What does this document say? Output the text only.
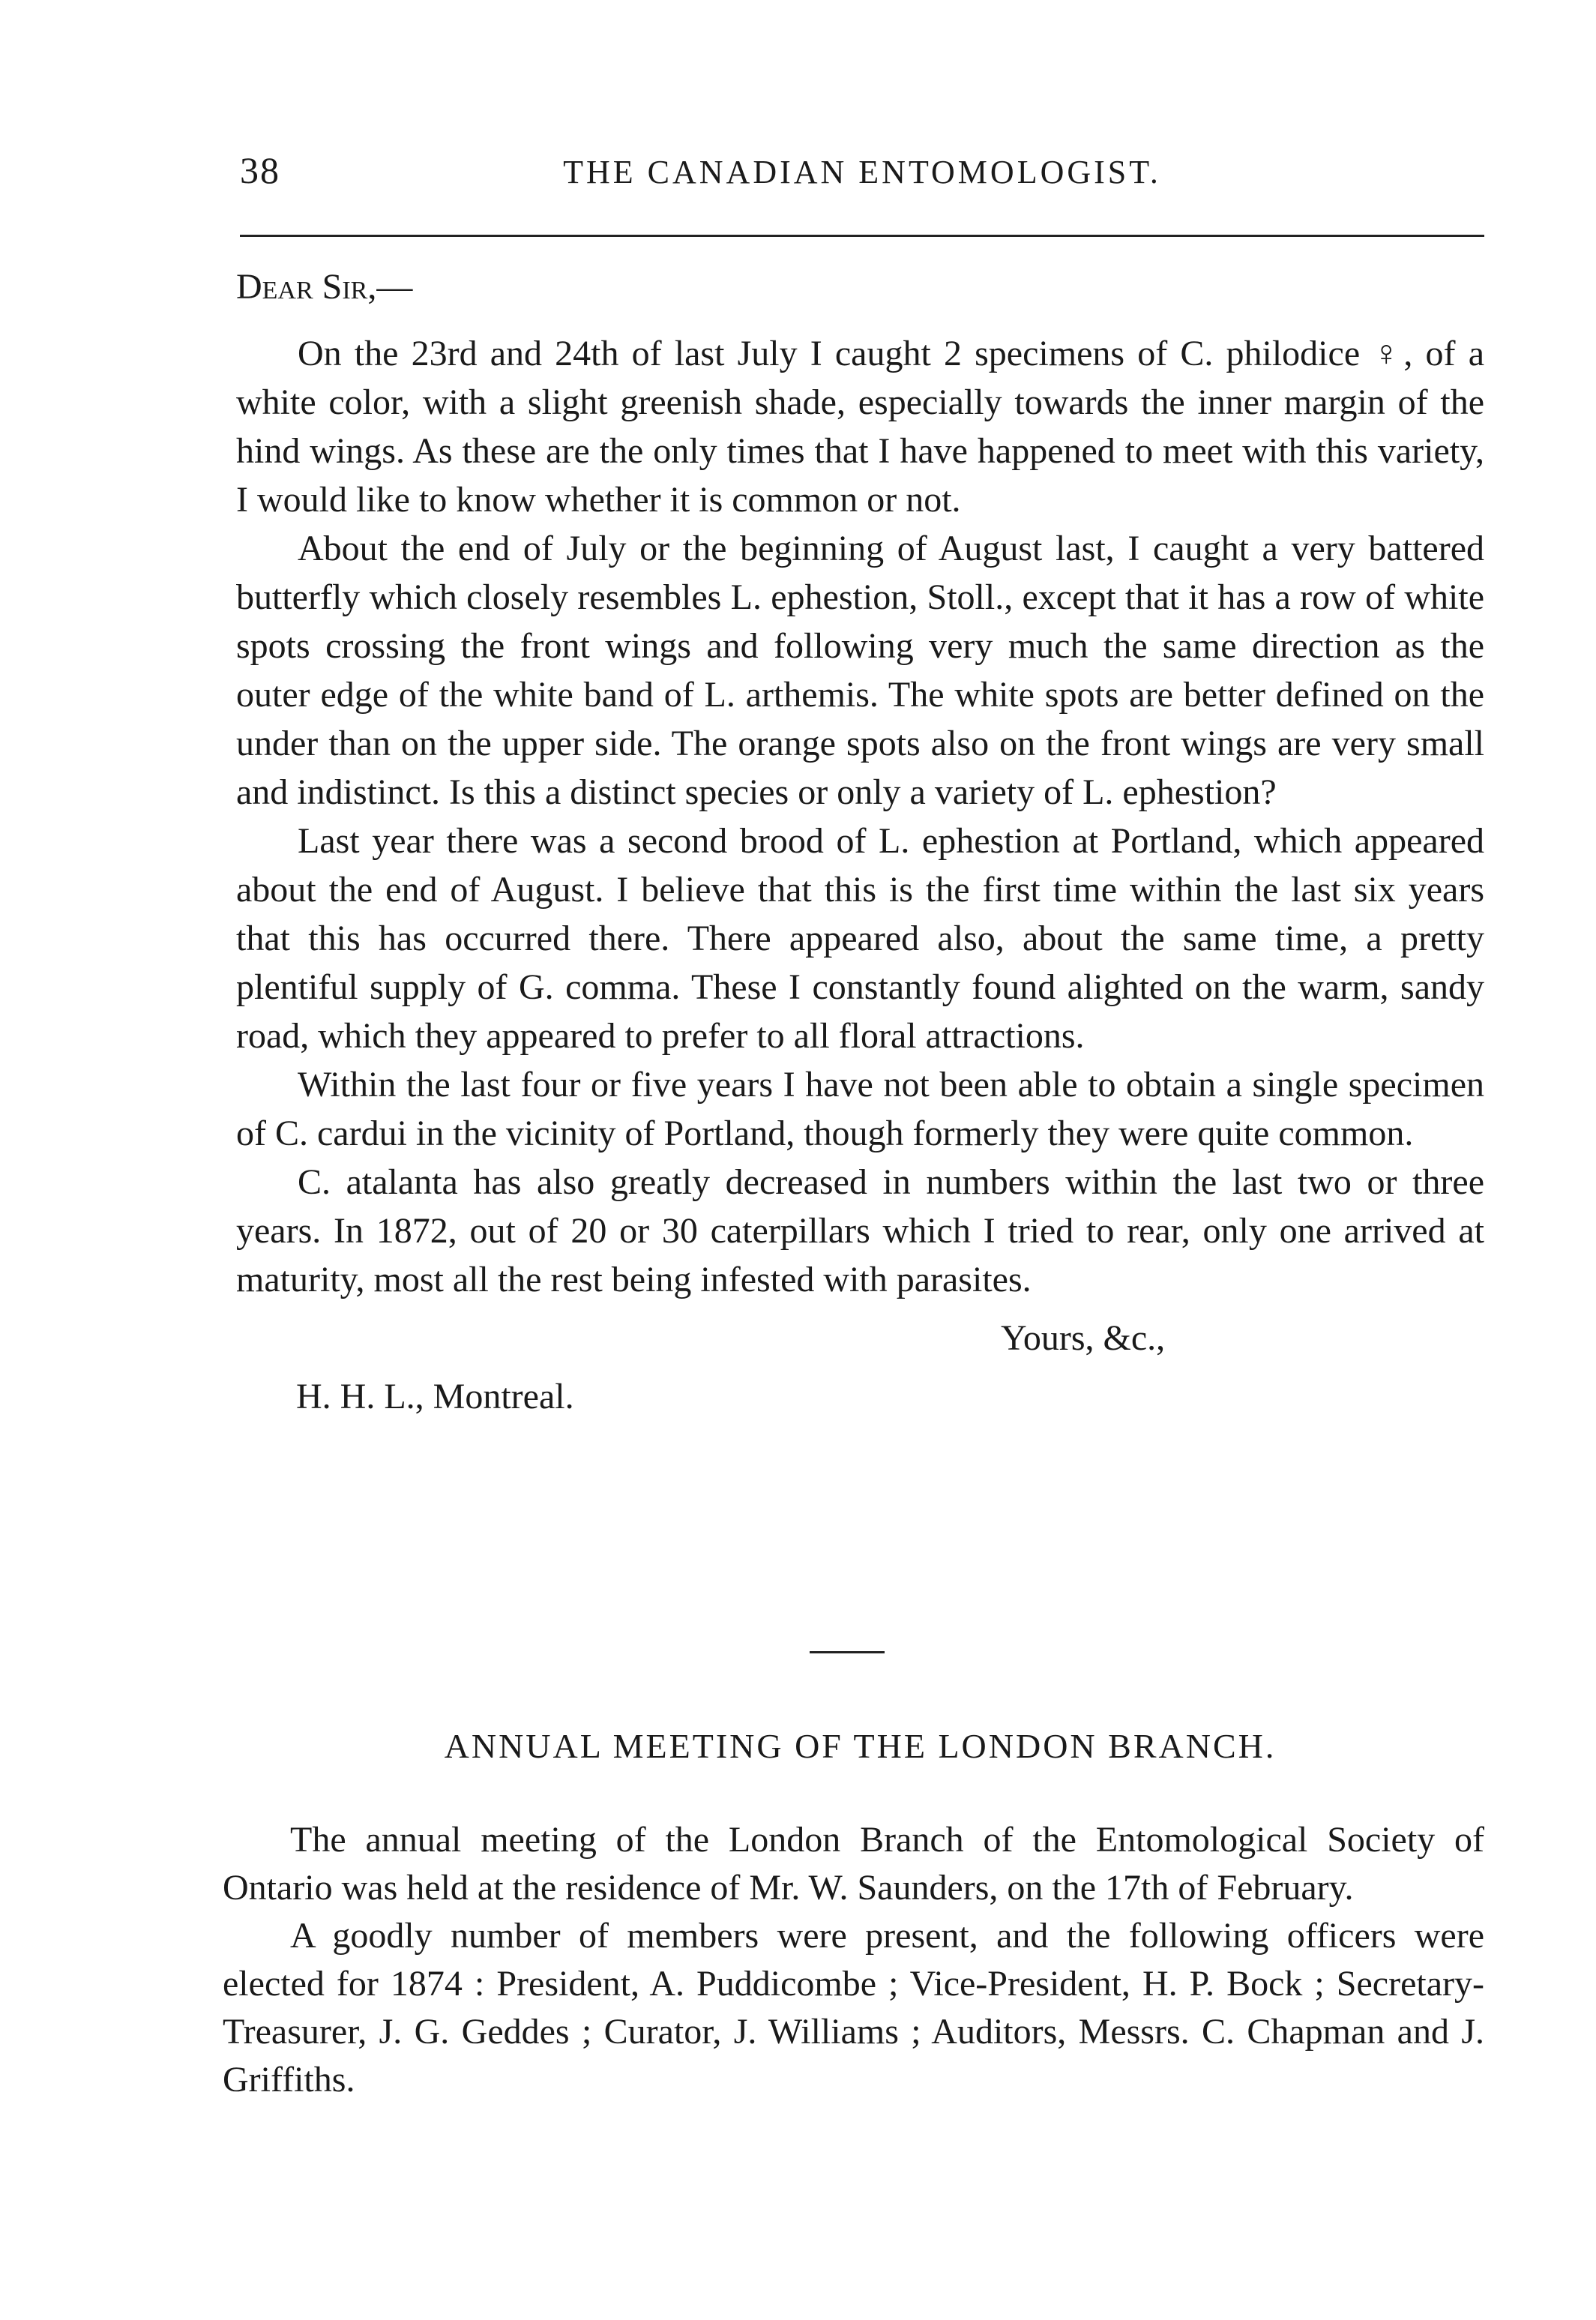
38	THE CANADIAN ENTOMOLOGIST.

Dear Sir,—

On the 23rd and 24th of last July I caught 2 specimens of C. philodice ♀, of a white color, with a slight greenish shade, especially towards the inner margin of the hind wings. As these are the only times that I have happened to meet with this variety, I would like to know whether it is common or not.

About the end of July or the beginning of August last, I caught a very battered butterfly which closely resembles L. ephestion, Stoll., except that it has a row of white spots crossing the front wings and following very much the same direction as the outer edge of the white band of L. arthemis. The white spots are better defined on the under than on the upper side. The orange spots also on the front wings are very small and indistinct. Is this a distinct species or only a variety of L. ephestion?

Last year there was a second brood of L. ephestion at Portland, which appeared about the end of August. I believe that this is the first time within the last six years that this has occurred there. There appeared also, about the same time, a pretty plentiful supply of G. comma. These I constantly found alighted on the warm, sandy road, which they appeared to prefer to all floral attractions.

Within the last four or five years I have not been able to obtain a single specimen of C. cardui in the vicinity of Portland, though formerly they were quite common.

C. atalanta has also greatly decreased in numbers within the last two or three years. In 1872, out of 20 or 30 caterpillars which I tried to rear, only one arrived at maturity, most all the rest being infested with parasites.

Yours, &c.,
H. H. L., Montreal.
ANNUAL MEETING OF THE LONDON BRANCH.

The annual meeting of the London Branch of the Entomological Society of Ontario was held at the residence of Mr. W. Saunders, on the 17th of February.

A goodly number of members were present, and the following officers were elected for 1874 : President, A. Puddicombe ; Vice-President, H. P. Bock ; Secretary-Treasurer, J. G. Geddes ; Curator, J. Williams ; Auditors, Messrs. C. Chapman and J. Griffiths.
